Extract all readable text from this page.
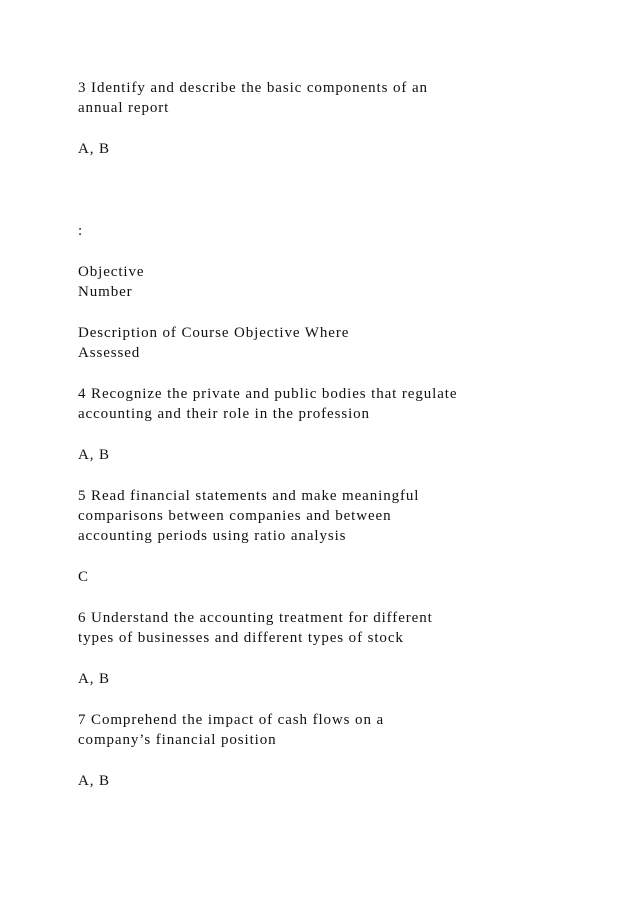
3 Identify and describe the basic components of an
annual report
A, B
:
Objective
Number
Description of Course Objective Where
Assessed
4 Recognize the private and public bodies that regulate
accounting and their role in the profession
A, B
5 Read financial statements and make meaningful
comparisons between companies and between
accounting periods using ratio analysis
C
6 Understand the accounting treatment for different
types of businesses and different types of stock
A, B
7 Comprehend the impact of cash flows on a
company’s financial position
A, B
